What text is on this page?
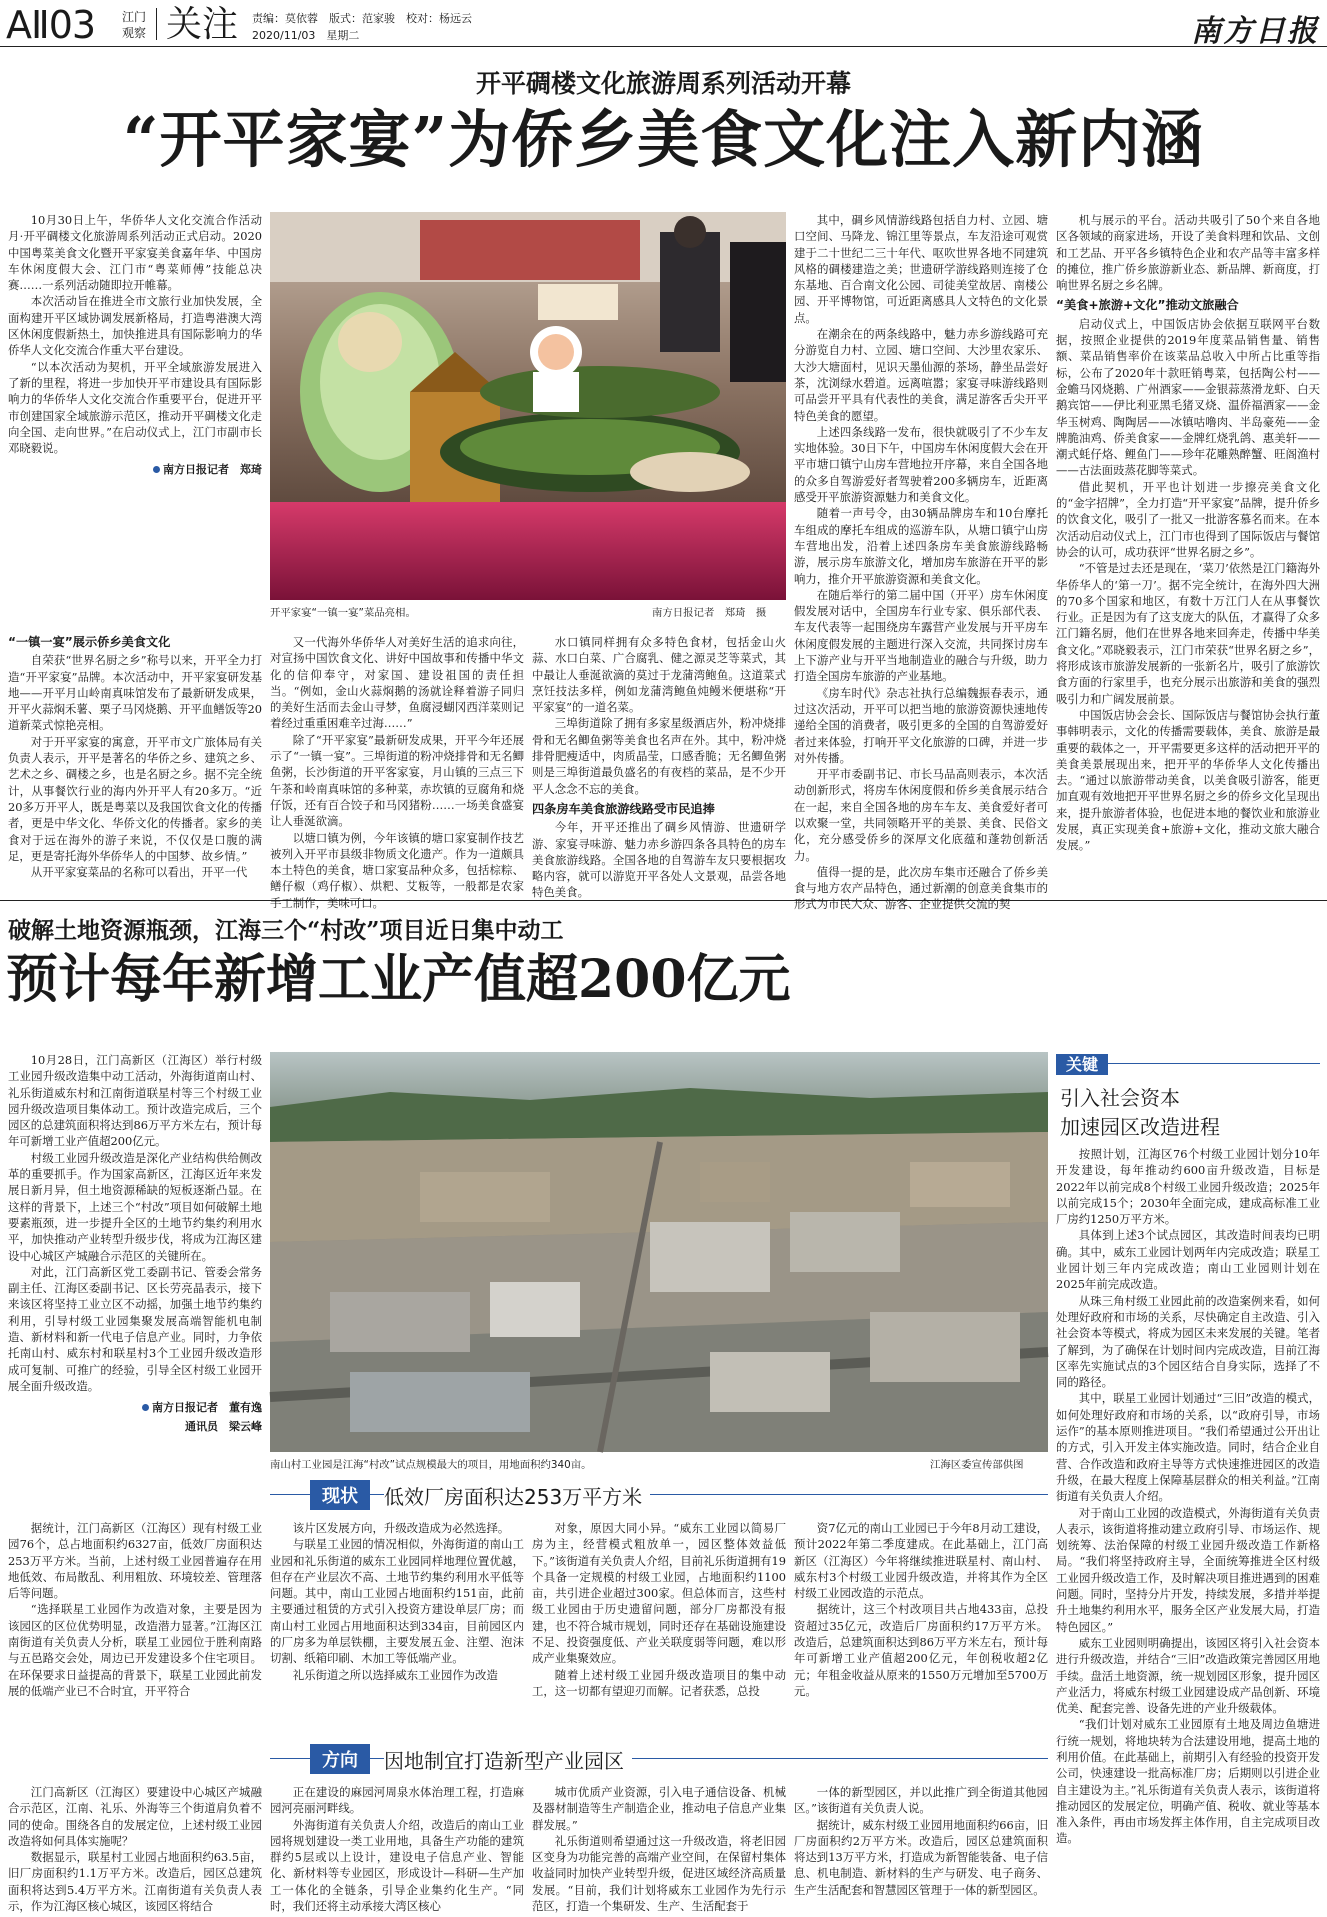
AⅡ03 江门
观察 关注 责编：莫依蓉　版式：范家骏　校对：杨远云
2020/11/03　星期二	南方日报
开平碉楼文化旅游周系列活动开幕
“开平家宴”为侨乡美食文化注入新内涵

10月30日上午，华侨华人文化交流合作活动月·开平碉楼文化旅游周系列活动正式启动。2020中国粤菜美食文化暨开平家宴美食嘉年华、中国房车休闲度假大会、江门市“粤菜师傅”技能总决赛……一系列活动随即拉开帷幕。

本次活动旨在推进全市文旅行业加快发展，全面构建开平区域协调发展新格局，打造粤港澳大湾区休闲度假新热土，加快推进具有国际影响力的华侨华人文化交流合作重大平台建设。

“以本次活动为契机，开平全域旅游发展进入了新的里程，将进一步加快开平市建设具有国际影响力的华侨华人文化交流合作重要平台，促进开平市创建国家全域旅游示范区，推动开平碉楼文化走向全国、走向世界。”在启动仪式上，江门市副市长邓晓毅说。

南方日报记者　郑琦
开平家宴“一镇一宴”菜品亮相。	南方日报记者　郑琦　摄
“一镇一宴”展示侨乡美食文化

自荣获“世界名厨之乡”称号以来，开平全力打造“开平家宴”品牌。本次活动中，开平家宴研发基地——开平月山岭南真味馆发布了最新研发成果，开平火蒜焖禾薯、栗子马冈烧鹅、开平血鳝饭等20道新菜式惊艳亮相。

对于开平家宴的寓意，开平市文广旅体局有关负责人表示，开平是著名的华侨之乡、建筑之乡、艺术之乡、碉楼之乡，也是名厨之乡。据不完全统计，从事餐饮行业的海内外开平人有20多万。“近20多万开平人，既是粤菜以及我国饮食文化的传播者，更是中华文化、华侨文化的传播者。家乡的美食对于远在海外的游子来说，不仅仅是口腹的满足，更是寄托海外华侨华人的中国梦、故乡情。”

从开平家宴菜品的名称可以看出，开平一代

又一代海外华侨华人对美好生活的追求向往，对宣扬中国饮食文化、讲好中国故事和传播中华文化的信仰奉守，对家国、建设祖国的责任担当。“例如，金山火蒜焖鹅的汤就诠释着游子同归的美好生活而去金山寻梦，鱼腐浸蝴冈西洋菜则记着经过重重困难辛过海……”

除了“开平家宴”最新研发成果，开平今年还展示了“一镇一宴”。三埠街道的粉冲烧排骨和无名鲫鱼粥，长沙街道的开平客家宴，月山镇的三点三下午茶和岭南真味馆的多种菜，赤坎镇的豆腐角和烧仔饭，还有百合饺子和马冈猪粉……一场美食盛宴让人垂涎欲滴。

以塘口镇为例，今年该镇的塘口家宴制作技艺被列入开平市县级非物质文化遗产。作为一道颇具本土特色的美食，塘口家宴品种众多，包括棕粽、鳝仔椒（鸡仔椒）、烘粑、艾粄等，一般都是农家手工制作，美味可口。

水口镇同样拥有众多特色食材，包括金山火蒜、水口白菜、广合腐乳、健之源灵芝等菜式，其中最让人垂涎欲滴的莫过于龙蒲湾鲍鱼。这道菜式烹饪技法多样，例如龙蒲湾鲍鱼炖鳗米便堪称“开平家宴”的一道名菜。

三埠街道除了拥有多家星级酒店外，粉冲烧排骨和无名鲫鱼粥等美食也名声在外。其中，粉冲烧排骨肥瘦适中，肉质晶莹，口感香脆；无名鲫鱼粥则是三埠街道最负盛名的有夜档的菜品，是不少开平人念念不忘的美食。

四条房车美食旅游线路受市民追捧

今年，开平还推出了碉乡风情游、世遗研学游、家宴寻味游、魅力赤乡游四条各具特色的房车美食旅游线路。全国各地的自驾游车友只要根据攻略内容，就可以游览开平各处人文景观，品尝各地特色美食。

其中，碉乡风情游线路包括自力村、立园、塘口空间、马降龙、锦江里等景点，车友沿途可观赏建于二十世纪二三十年代、呕吹世界各地不同建筑风格的碉楼建造之美；世遗研学游线路则连接了仓东基地、百合南文化公园、司徒美堂故居、南楼公园、开平博物馆，可近距离感具人文特色的文化景点。

在潮余在的两条线路中，魅力赤乡游线路可充分游览自力村、立园、塘口空间、大沙里农家乐、大沙大塘面村，见识天墨仙源的茶场，静坐品尝好茶，沈浏绿水碧道。远离喧嚣；家宴寻味游线路则可品尝开平具有代表性的美食，满足游客舌尖开平特色美食的愿望。

上述四条线路一发布，很快就吸引了不少车友实地体验。30日下午，中国房车休闲度假大会在开平市塘口镇宁山房车营地拉开序幕，来自全国各地的众多自驾游爱好者驾驶着200多辆房车，近距离感受开平旅游资源魅力和美食文化。

随着一声号令，由30辆品牌房车和10台摩托车组成的摩托车组成的巡游车队，从塘口镇宁山房车营地出发，沿着上述四条房车美食旅游线路畅游，展示房车旅游文化，增加房车旅游在开平的影响力，推介开平旅游资源和美食文化。

在随后举行的第二届中国（开平）房车休闲度假发展对话中，全国房车行业专家、俱乐部代表、车友代表等一起围绕房车露营产业发展与开平房车休闲度假发展的主题进行深入交流，共同探讨房车上下游产业与开平当地制造业的融合与升级，助力打造全国房车旅游的产业基地。

《房车时代》杂志社执行总编魏振春表示，通过这次活动，开平可以把当地的旅游资源快速地传递给全国的消费者，吸引更多的全国的自驾游爱好者过来体验，打响开平文化旅游的口碑，并进一步对外传播。

开平市委副书记、市长马品高则表示，本次活动创新形式，将房车休闲度假和侨乡美食展示结合在一起，来自全国各地的房车车友、美食爱好者可以欢聚一堂，共同领略开平的美景、美食、民俗文化，充分感受侨乡的深厚文化底蕴和蓬勃创新活力。

值得一提的是，此次房车集市还融合了侨乡美食与地方农产品特色，通过新潮的创意美食集市的形式为市民大众、游客、企业提供交流的契

机与展示的平台。活动共吸引了50个来自各地区各领域的商家进场，开设了美食料理和饮品、文创和工艺品、开平各乡镇特色企业和农产品等丰富多样的摊位，推广侨乡旅游新业态、新品牌、新商度，打响世界名厨之乡名牌。

“美食+旅游+文化”推动文旅融合

启动仪式上，中国饭店协会依据互联网平台数据，按照企业提供的2019年度菜品销售量、销售额、菜品销售率价在该菜品总收入中所占比重等指标，公布了2020年十款旺销粤菜，包括陶公村——金蟾马冈烧鹅、广州酒家——金银蒜蒸滑龙虾、白天鹅宾馆——伊比利亚黑毛猪叉烧、温侨福酒家——金华玉树鸡、陶陶居——冰镇咕噜肉、半岛豪苑——金牌脆油鸡、侨美食家——金牌红烧乳鸽、惠美轩——潮式蚝仔烙、鲤鱼门——珍年花雕熟醉蟹、旺阁渔村——古法面豉蒸花脚等菜式。

借此契机，开平也计划进一步擦亮美食文化的“金字招牌”，全力打造“开平家宴”品牌，提升侨乡的饮食文化，吸引了一批又一批游客慕名而来。在本次活动启动仪式上，江门市也得到了国际饭店与餐馆协会的认可，成功获评“世界名厨之乡”。

“不管是过去还是现在，‘菜刀’依然是江门籍海外华侨华人的‘第一刀’。据不完全统计，在海外四大洲的70多个国家和地区，有数十万江门人在从事餐饮行业。正是因为有了这支庞大的队伍，才赢得了众多江门籍名厨，他们在世界各地来回奔走，传播中华美食文化。”邓晓毅表示，江门市荣获“世界名厨之乡”，将形成该市旅游发展新的一张新名片，吸引了旅游饮食方面的行家里手，也充分展示出旅游和美食的强烈吸引力和广阔发展前景。

中国饭店协会会长、国际饭店与餐馆协会执行董事韩明表示，文化的传播需要载体，美食、旅游是最重要的载体之一，开平需要更多这样的活动把开平的美食美景展现出来，把开平的华侨华人文化传播出去。“通过以旅游带动美食，以美食吸引游客，能更加直观有效地把开平世界名厨之乡的侨乡文化呈现出来，提升旅游者体验，也促进本地的餐饮业和旅游业发展，真正实现美食+旅游+文化，推动文旅大融合发展。”

破解土地资源瓶颈，江海三个“村改”项目近日集中动工
预计每年新增工业产值超200亿元

10月28日，江门高新区（江海区）举行村级工业园升级改造集中动工活动，外海街道南山村、礼乐街道威东村和江南街道联星村等三个村级工业园升级改造项目集体动工。预计改造完成后，三个园区的总建筑面积将达到86万平方米左右，预计每年可新增工业产值超200亿元。

村级工业园升级改造是深化产业结构供给侧改革的重要抓手。作为国家高新区，江海区近年来发展日新月异，但土地资源稀缺的短板逐渐凸显。在这样的背景下，上述三个“村改”项目如何破解土地要素瓶颈，进一步提升全区的土地节约集约利用水平，加快推动产业转型升级步伐，将成为江海区建设中心城区产城融合示范区的关键所在。

对此，江门高新区党工委副书记、管委会常务副主任、江海区委副书记、区长劳亮晶表示，接下来该区将坚持工业立区不动摇，加强土地节约集约利用，引导村级工业园集聚发展高端智能机电制造、新材料和新一代电子信息产业。同时，力争依托南山村、威东村和联星村3个工业园升级改造形成可复制、可推广的经验，引导全区村级工业园开展全面升级改造。

南方日报记者　董有逸
通讯员　梁云峰
南山村工业园是江海“村改”试点规模最大的项目，用地面积约340亩。	江海区委宣传部供图
关键
引入社会资本
加速园区改造进程

按照计划，江海区76个村级工业园计划分10年开发建设，每年推动约600亩升级改造，目标是2022年以前完成8个村级工业园升级改造；2025年以前完成15个；2030年全面完成，建成高标准工业厂房约1250万平方米。

具体到上述3个试点园区，其改造时间表均已明确。其中，威东工业园计划两年内完成改造；联星工业园计划三年内完成改造；南山工业园则计划在2025年前完成改造。

从珠三角村级工业园此前的改造案例来看，如何处理好政府和市场的关系，尽快确定自主改造、引入社会资本等模式，将成为园区未来发展的关键。笔者了解到，为了确保在计划时间内完成改造，目前江海区率先实施试点的3个园区结合自身实际，选择了不同的路径。

其中，联星工业园计划通过“三旧”改造的模式，如何处理好政府和市场的关系，以“政府引导，市场运作”的基本原则推进项目。“我们希望通过公开出让的方式，引入开发主体实施改造。同时，结合企业自营、合作改造和政府主导等方式快速推进园区的改造升级，在最大程度上保障基层群众的相关利益。”江南街道有关负责人介绍。

对于南山工业园的改造模式，外海街道有关负责人表示，该街道将推动建立政府引导、市场运作、规划统筹、法治保障的村级工业园升级改造工作新格局。“我们将坚持政府主导，全面统筹推进全区村级工业园升级改造工作，及时解决项目推进遇到的困难问题。同时，坚持分片开发，持续发展，多措并举提升土地集约利用水平，服务全区产业发展大局，打造特色园区。”

威东工业园则明确提出，该园区将引入社会资本进行升级改造，并结合“三旧”改造政策完善园区用地手续。盘活土地资源，统一规划园区形象，提升园区产业活力，将威东村级工业园建设成产品创新、环境优美、配套完善、设备先进的产业升级载体。

“我们计划对威东工业园原有土地及周边鱼塘进行统一规划，将地块转为合法建设用地，提高土地的利用价值。在此基础上，前期引入有经验的投资开发公司，快速建设一批高标准厂房；后期则以引进企业自主建设为主。”礼乐街道有关负责人表示，该街道将推动园区的发展定位，明确产值、税收、就业等基本准入条件，再由市场发挥主体作用，自主完成项目改造。

现状	低效厂房面积达253万平方米

据统计，江门高新区（江海区）现有村级工业园76个，总占地面积约6327亩，低效厂房面积达253万平方米。当前，上述村级工业园普遍存在用地低效、布局散乱、利用粗放、环境较差、管理落后等问题。

“选择联星工业园作为改造对象，主要是因为该园区的区位优势明显，改造潜力显著。”江海区江南街道有关负责人分析，联星工业园位于胜利南路与五邑路交会处，周边已开发建设多个住宅项目。在环保要求日益提高的背景下，联星工业园此前发展的低端产业已不合时宜，开平符合

该片区发展方向，升级改造成为必然选择。

与联星工业园的情况相似，外海街道的南山工业园和礼乐街道的威东工业园同样地理位置优越，但存在产业层次不高、土地节约集约利用水平低等问题。其中，南山工业园占地面积约151亩，此前主要通过租赁的方式引入投资方建设单层厂房；而南山村工业园占用地面积达到334亩，目前园区内的厂房多为单层铁棚，主要发展五金、注塑、泡沫切割、纸箱印刷、木加工等低端产业。

礼乐街道之所以选择威东工业园作为改造

对象，原因大同小异。“威东工业园以简易厂房为主，经营模式粗放单一，园区整体效益低下。”该街道有关负责人介绍，目前礼乐街道拥有19个具备一定规模的村级工业园，占地面积约1100亩，共引进企业超过300家。但总体而言，这些村级工业园由于历史遗留问题，部分厂房都没有报建，也不符合城市规划，同时还存在基础设施建设不足、投资强度低、产业关联度弱等问题，难以形成产业集聚效应。

随着上述村级工业园升级改造项目的集中动工，这一切都有望迎刃而解。记者获悉，总投

资7亿元的南山工业园已于今年8月动工建设，预计2022年第二季度建成。在此基础上，江门高新区（江海区）今年将继续推进联星村、南山村、威东村3个村级工业园升级改造，并将其作为全区村级工业园改造的示范点。

据统计，这三个村改项目共占地433亩，总投资超过35亿元，改造后厂房面积约17万平方米。改造后，总建筑面积达到86万平方米左右，预计每年可新增工业产值超200亿元，年创税收超2亿元；年租金收益从原来的1550万元增加至5700万元。

方向	因地制宜打造新型产业园区

江门高新区（江海区）要建设中心城区产城融合示范区，江南、礼乐、外海等三个街道肩负着不同的使命。围绕各自的发展定位，上述村级工业园改造将如何具体实施呢？

数据显示，联星村工业园占地面积约63.5亩，旧厂房面积约1.1万平方米。改造后，园区总建筑面积将达到5.4万平方米。江南街道有关负责人表示，作为江海区核心城区，该园区将结合

正在建设的麻园河周泉水体治理工程，打造麻园河亮丽河畔线。

外海街道有关负责人介绍，改造后的南山工业园将规划建设一类工业用地，具备生产功能的建筑群约5层或以上设计，建设电子信息产业、智能化、新材料等专业园区，形成设计—科研—生产加工一体化的全链条，引导企业集约化生产。“同时，我们还将主动承接大湾区核心

城市优质产业资源，引入电子通信设备、机械及器材制造等生产制造企业，推动电子信息产业集群发展。”

礼乐街道则希望通过这一升级改造，将老旧园区变身为功能完善的高端产业空间，在保留村集体收益同时加快产业转型升级，促进区域经济高质量发展。“目前，我们计划将威东工业园作为先行示范区，打造一个集研发、生产、生活配套于

一体的新型园区，并以此推广到全街道其他园区。”该街道有关负责人说。

据统计，威东村级工业园用地面积约66亩，旧厂房面积约2万平方米。改造后，园区总建筑面积将达到13万平方米，打造成为新智能装备、电子信息、机电制造、新材料的生产与研发、电子商务、生产生活配套和智慧园区管理于一体的新型园区。
